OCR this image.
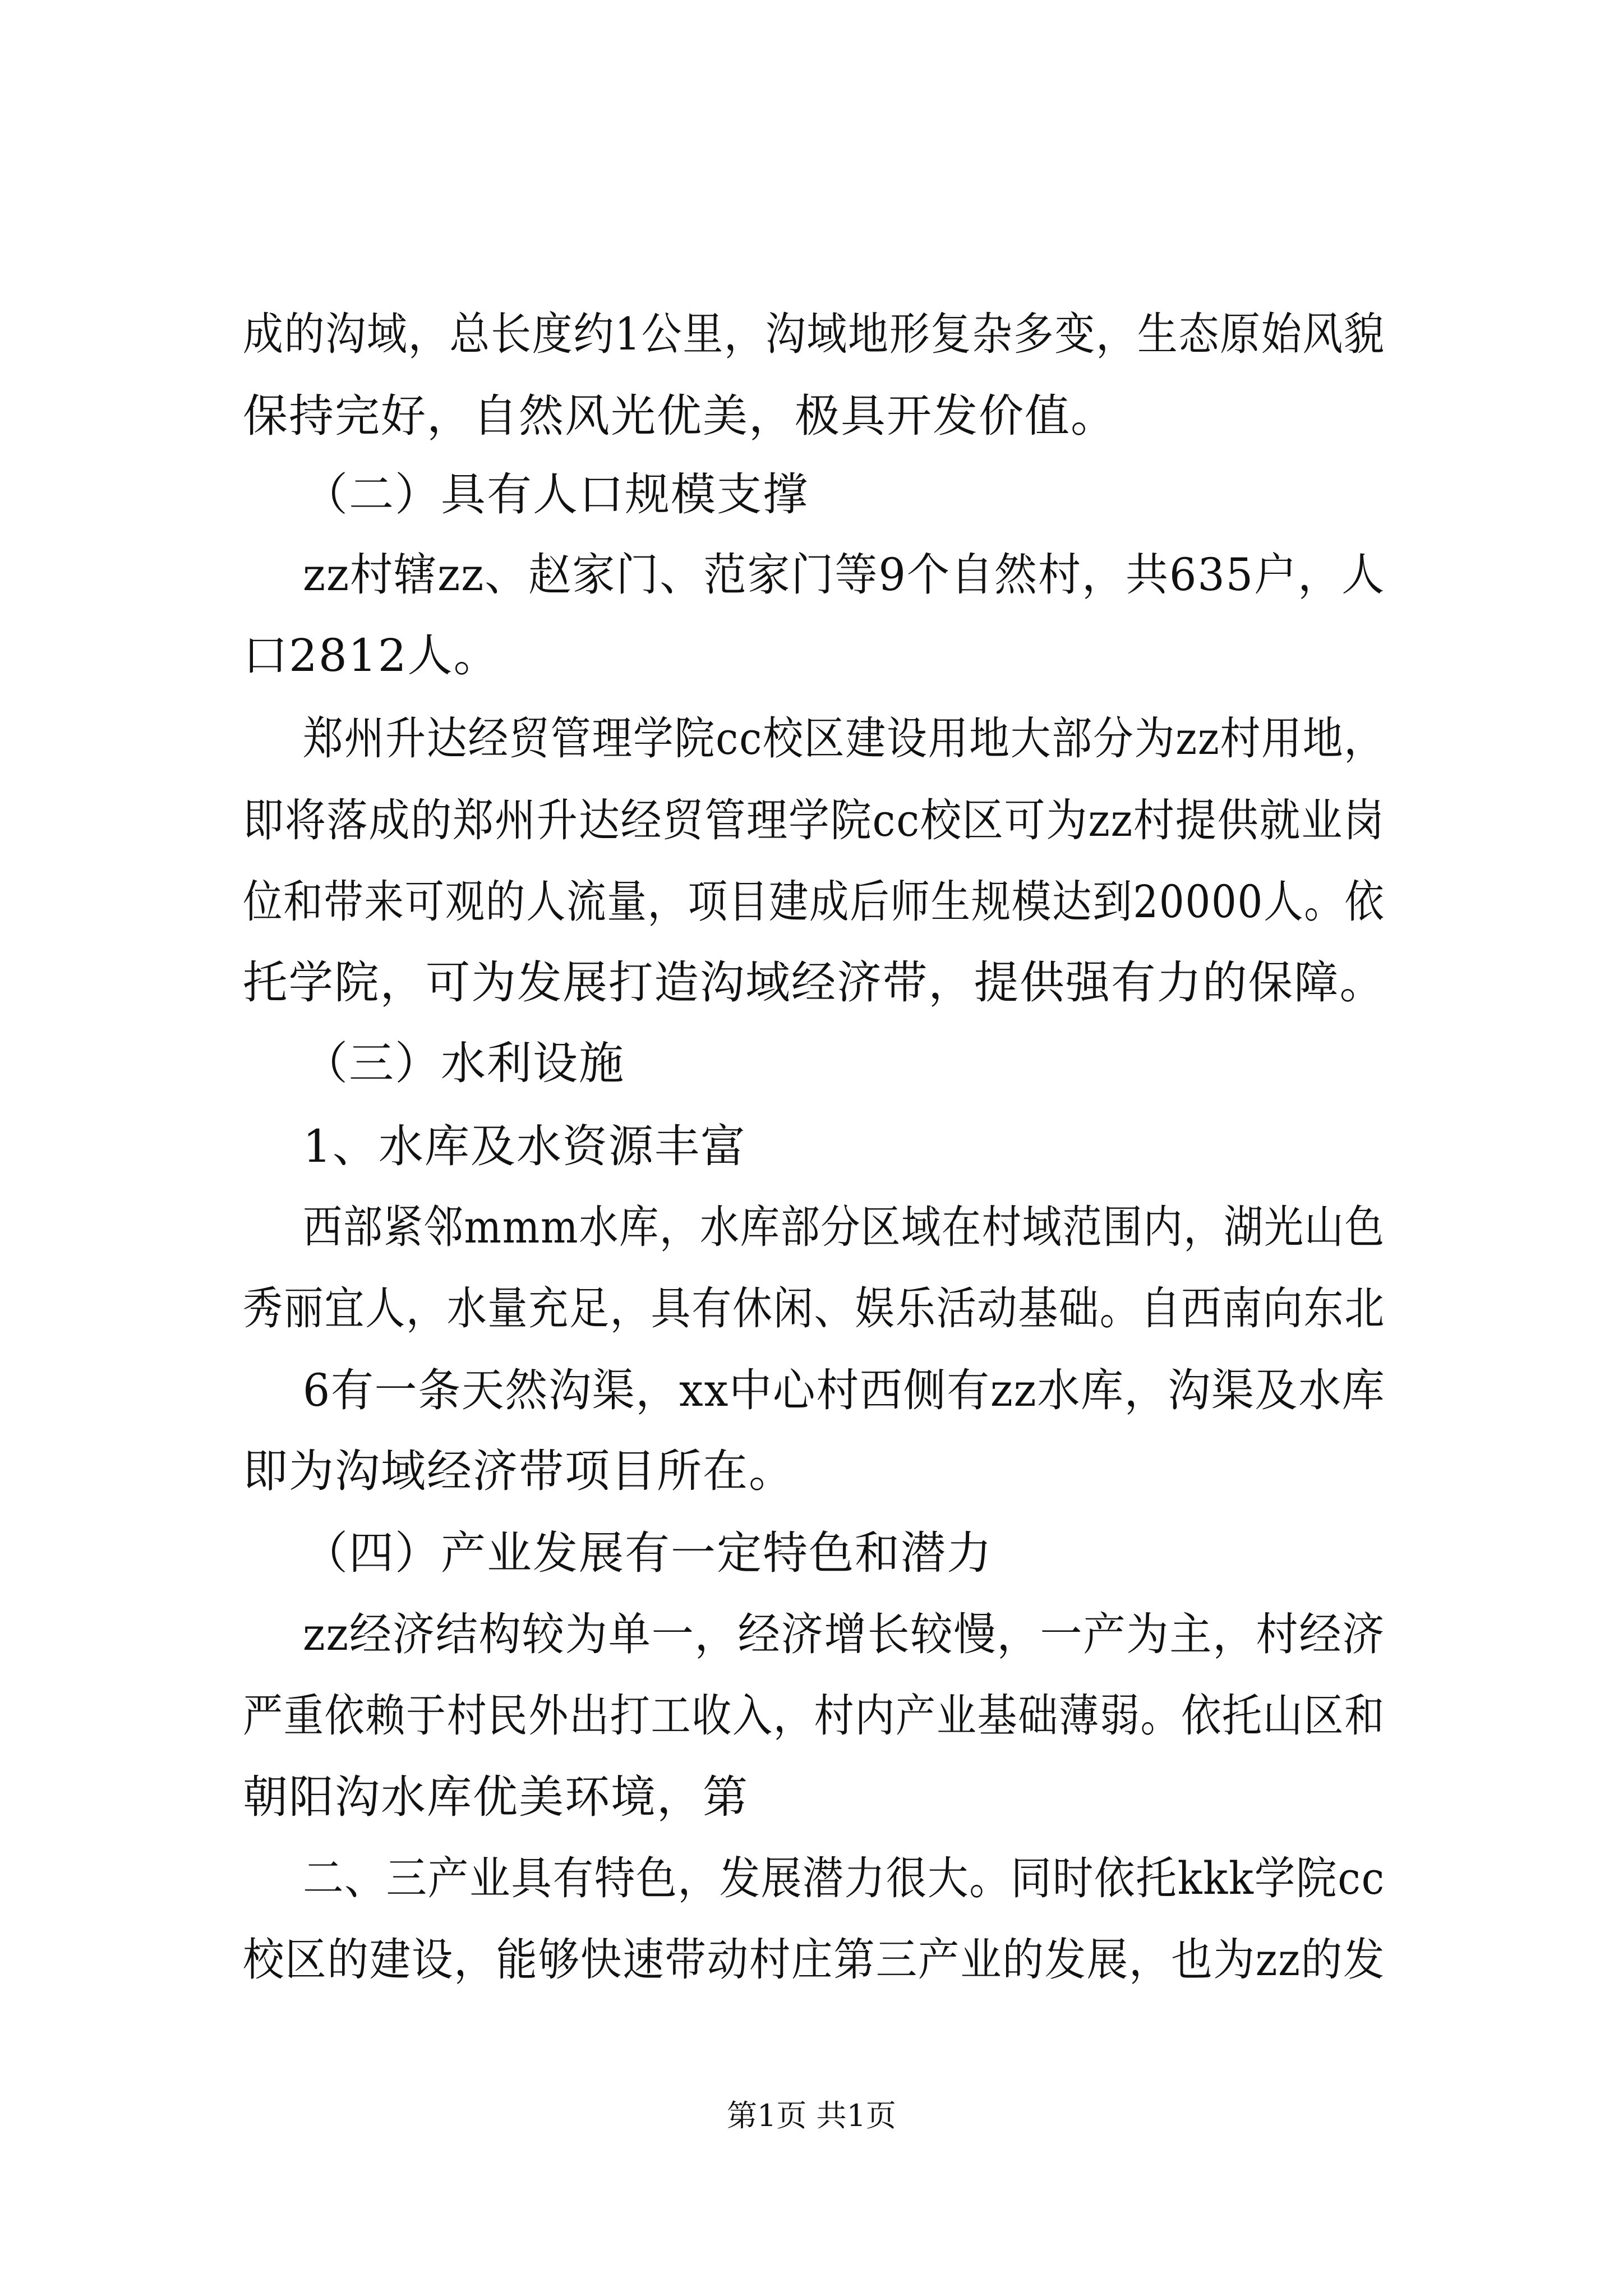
成的沟域，总长度约1公里，沟域地形复杂多变，生态原始风貌
保持完好，自然风光优美，极具开发价值。
（二）具有人口规模支撑
zz村辖zz、赵家门、范家门等9个自然村，共635户，人
口2812人。
郑州升达经贸管理学院cc校区建设用地大部分为zz村用地，
即将落成的郑州升达经贸管理学院cc校区可为zz村提供就业岗
位和带来可观的人流量，项目建成后师生规模达到20000人。依
托学院，可为发展打造沟域经济带，提供强有力的保障。
（三）水利设施
1、水库及水资源丰富
西部紧邻mmm水库，水库部分区域在村域范围内，湖光山色
秀丽宜人，水量充足，具有休闲、娱乐活动基础。自西南向东北
6有一条天然沟渠，xx中心村西侧有zz水库，沟渠及水库
即为沟域经济带项目所在。
（四）产业发展有一定特色和潜力
zz经济结构较为单一，经济增长较慢，一产为主，村经济
严重依赖于村民外出打工收入，村内产业基础薄弱。依托山区和
朝阳沟水库优美环境，第
二、三产业具有特色，发展潜力很大。同时依托kkk学院cc
校区的建设，能够快速带动村庄第三产业的发展，也为zz的发
第1页 共1页
